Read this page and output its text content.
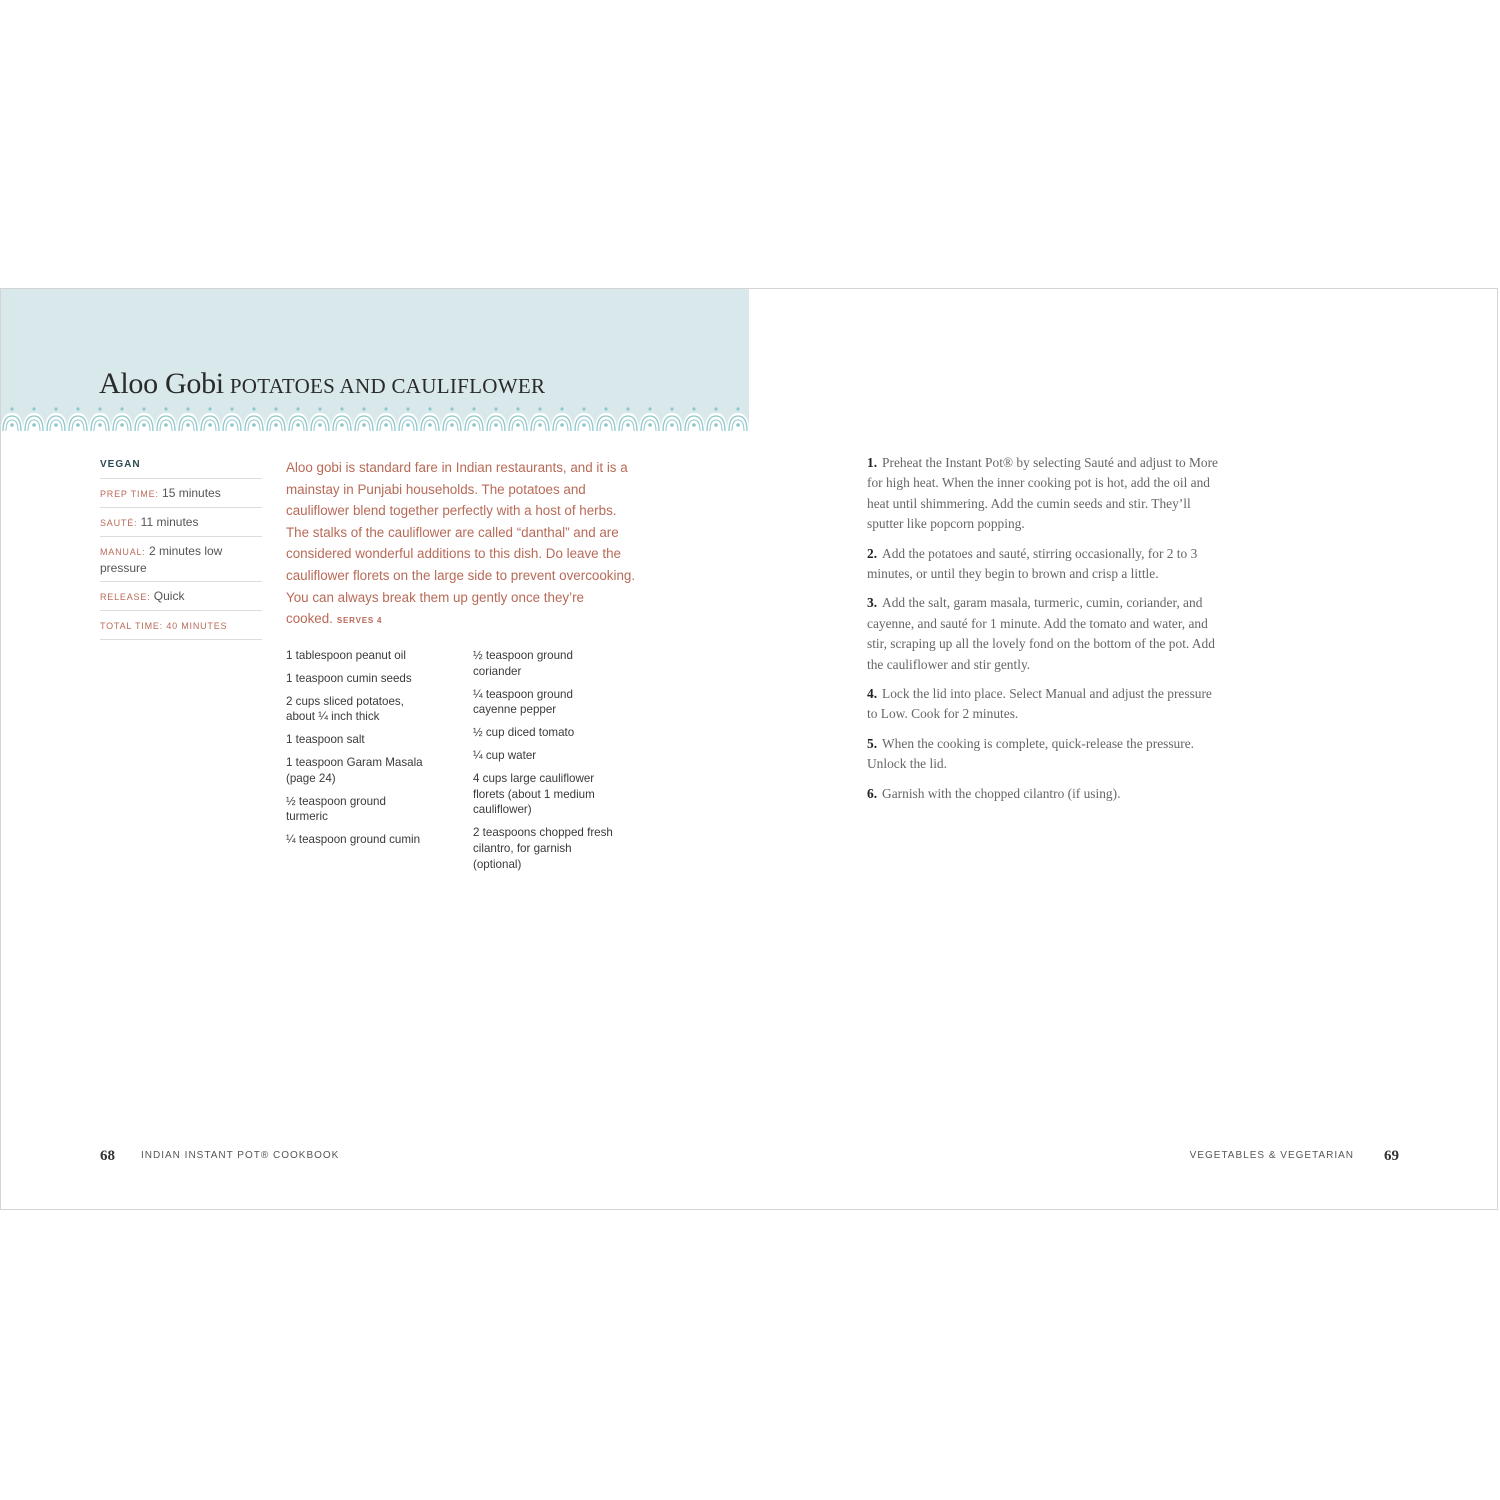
Aloo Gobi POTATOES AND CAULIFLOWER
VEGAN
PREP TIME: 15 minutes
SAUTÉ: 11 minutes
MANUAL: 2 minutes low pressure
RELEASE: Quick
TOTAL TIME: 40 MINUTES
Aloo gobi is standard fare in Indian restaurants, and it is a mainstay in Punjabi households. The potatoes and cauliflower blend together perfectly with a host of herbs. The stalks of the cauliflower are called “danthal” and are considered wonderful additions to this dish. Do leave the cauliflower florets on the large side to prevent overcooking. You can always break them up gently once they’re cooked. SERVES 4
1 tablespoon peanut oil
1 teaspoon cumin seeds
2 cups sliced potatoes, about ¼ inch thick
1 teaspoon salt
1 teaspoon Garam Masala (page 24)
½ teaspoon ground turmeric
¼ teaspoon ground cumin
½ teaspoon ground coriander
¼ teaspoon ground cayenne pepper
½ cup diced tomato
¼ cup water
4 cups large cauliflower florets (about 1 medium cauliflower)
2 teaspoons chopped fresh cilantro, for garnish (optional)
1. Preheat the Instant Pot® by selecting Sauté and adjust to More for high heat. When the inner cooking pot is hot, add the oil and heat until shimmering. Add the cumin seeds and stir. They’ll sputter like popcorn popping.
2. Add the potatoes and sauté, stirring occasionally, for 2 to 3 minutes, or until they begin to brown and crisp a little.
3. Add the salt, garam masala, turmeric, cumin, coriander, and cayenne, and sauté for 1 minute. Add the tomato and water, and stir, scraping up all the lovely fond on the bottom of the pot. Add the cauliflower and stir gently.
4. Lock the lid into place. Select Manual and adjust the pressure to Low. Cook for 2 minutes.
5. When the cooking is complete, quick-release the pressure. Unlock the lid.
6. Garnish with the chopped cilantro (if using).
68	INDIAN INSTANT POT® COOKBOOK	VEGETABLES & VEGETARIAN 69
